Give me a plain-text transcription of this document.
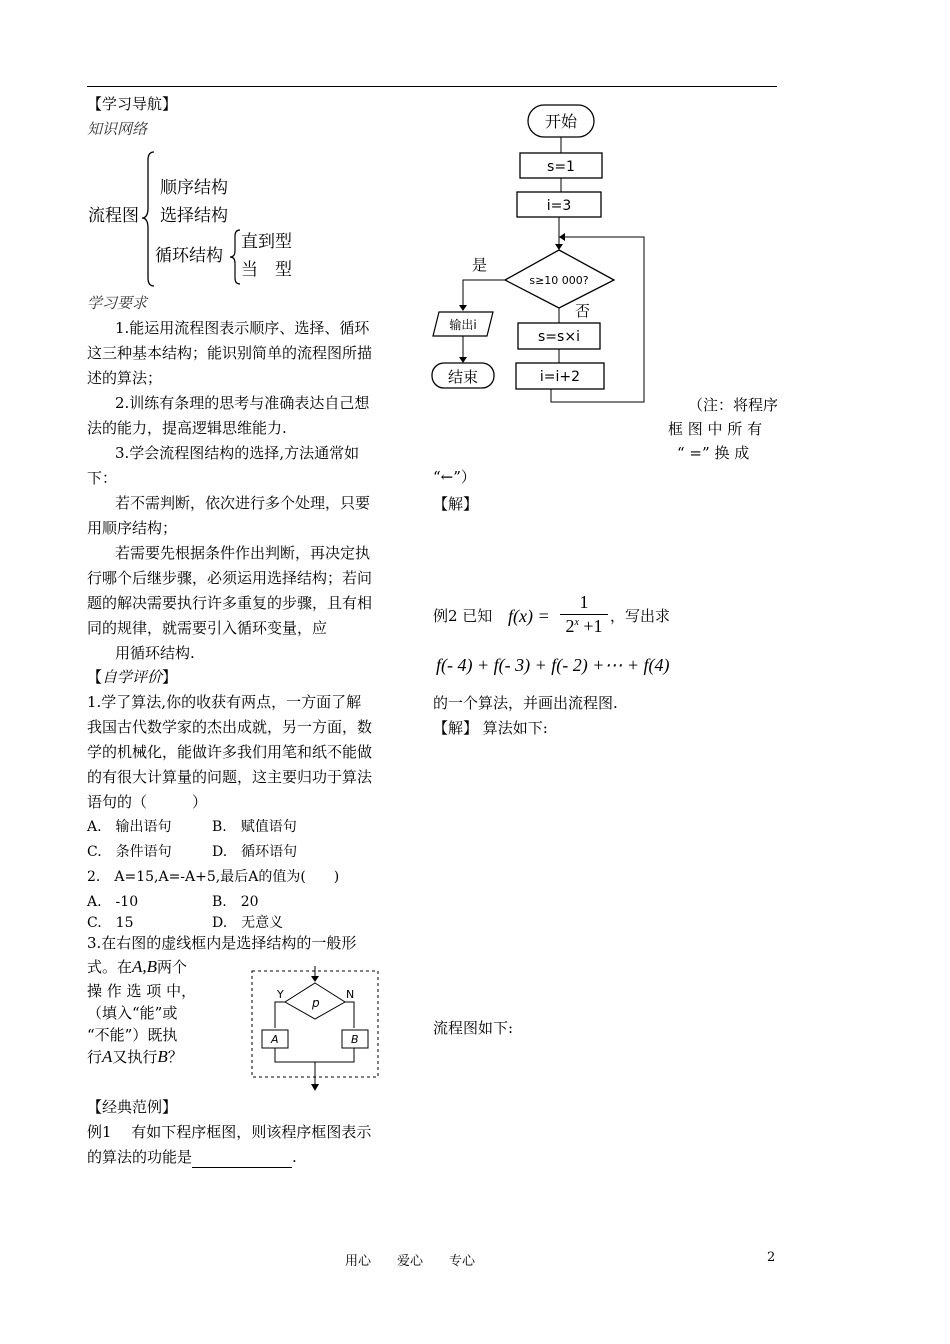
【学习导航】
知识网络
流程图
顺序结构
选择结构
循环结构
直到型
当　型
学习要求
1.能运用流程图表示顺序、选择、循环
这三种基本结构；能识别简单的流程图所描
述的算法；
2.训练有条理的思考与准确表达自己想
法的能力，提高逻辑思维能力.
3.学会流程图结构的选择,方法通常如
下：
若不需判断，依次进行多个处理，只要
用顺序结构；
若需要先根据条件作出判断，再决定执
行哪个后继步骤，必须运用选择结构；若问
题的解决需要执行许多重复的步骤，且有相
同的规律，就需要引入循环变量，应
用循环结构.
【自学评价】
1.学了算法,你的收获有两点，一方面了解
我国古代数学家的杰出成就，另一方面，数
学的机械化，能做许多我们用笔和纸不能做
的有很大计算量的问题，这主要归功于算法
语句的（　　　）
A.　输出语句	B.　赋值语句
C.　条件语句	D.　循环语句
2.　A=15,A=-A+5,最后A的值为(　　)
A.　-10	B.　20
C.　15	D.　无意义
3.在右图的虚线框内是选择结构的一般形
式。在A,B两个
操 作 选 项 中，
（填入“能”或
“不能”）既执
行A又执行B？
p
Y	N
A	B
【经典范例】
例1　 有如下程序框图，则该程序框图表示
的算法的功能是	.
开始
s=1
i=3
s≥10 000?
是
否
输出i
结束
s=s×i
i=i+2
（注：将程序
框 图 中 所 有
“ =” 换 成
“←”）
【解】
例2 已知 f(x) =
1
$2^x +1$ ，写出求
f(- 4) + f(- 3) + f(- 2) +⋯ + f(4)
的一个算法，并画出流程图.
【解】 算法如下:
流程图如下:
用心　　爱心　　专心	2
